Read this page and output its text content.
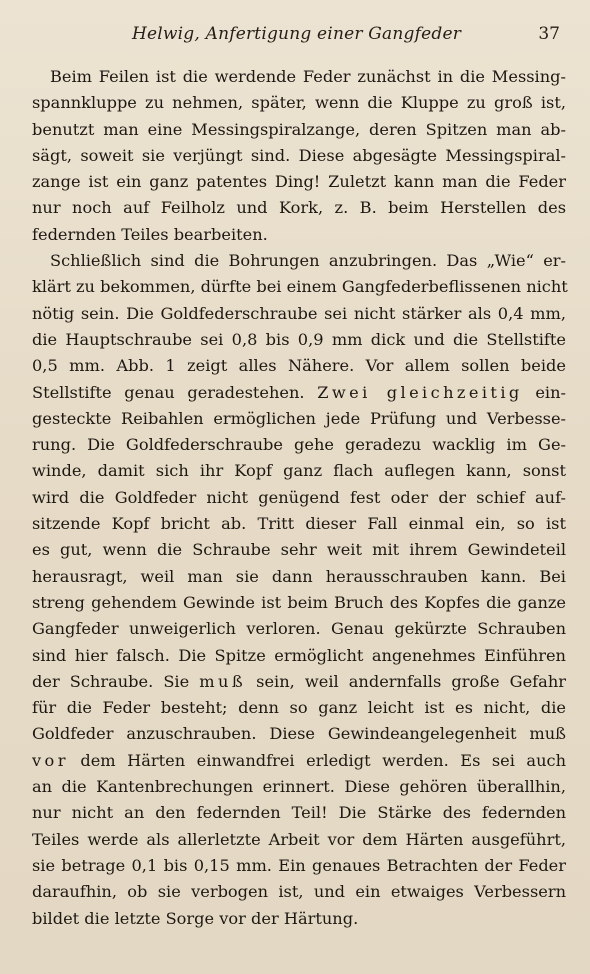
Helwig, Anfertigung einer Gangfeder	37
Beim Feilen ist die werdende Feder zunächst in die Messing-
spannkluppe zu nehmen, später, wenn die Kluppe zu groß ist,
benutzt man eine Messingspiralzange, deren Spitzen man ab-
sägt, soweit sie verjüngt sind. Diese abgesägte Messingspiral-
zange ist ein ganz patentes Ding! Zuletzt kann man die Feder
nur noch auf Feilholz und Kork, z. B. beim Herstellen des
federnden Teiles bearbeiten.
Schließlich sind die Bohrungen anzubringen. Das „Wie“ er-
klärt zu bekommen, dürfte bei einem Gangfederbeflissenen nicht
nötig sein. Die Goldfederschraube sei nicht stärker als 0,4 mm,
die Hauptschraube sei 0,8 bis 0,9 mm dick und die Stellstifte
0,5 mm. Abb. 1 zeigt alles Nähere. Vor allem sollen beide
Stellstifte genau geradestehen. Zwei gleichzeitig ein-
gesteckte Reibahlen ermöglichen jede Prüfung und Verbesse-
rung. Die Goldfederschraube gehe geradezu wacklig im Ge-
winde, damit sich ihr Kopf ganz flach auflegen kann, sonst
wird die Goldfeder nicht genügend fest oder der schief auf-
sitzende Kopf bricht ab. Tritt dieser Fall einmal ein, so ist
es gut, wenn die Schraube sehr weit mit ihrem Gewindeteil
herausragt, weil man sie dann herausschrauben kann. Bei
streng gehendem Gewinde ist beim Bruch des Kopfes die ganze
Gangfeder unweigerlich verloren. Genau gekürzte Schrauben
sind hier falsch. Die Spitze ermöglicht angenehmes Einführen
der Schraube. Sie muß sein, weil andernfalls große Gefahr
für die Feder besteht; denn so ganz leicht ist es nicht, die
Goldfeder anzuschrauben. Diese Gewindeangelegenheit muß
vor dem Härten einwandfrei erledigt werden. Es sei auch
an die Kantenbrechungen erinnert. Diese gehören überallhin,
nur nicht an den federnden Teil! Die Stärke des federnden
Teiles werde als allerletzte Arbeit vor dem Härten ausgeführt,
sie betrage 0,1 bis 0,15 mm. Ein genaues Betrachten der Feder
daraufhin, ob sie verbogen ist, und ein etwaiges Verbessern
bildet die letzte Sorge vor der Härtung.
